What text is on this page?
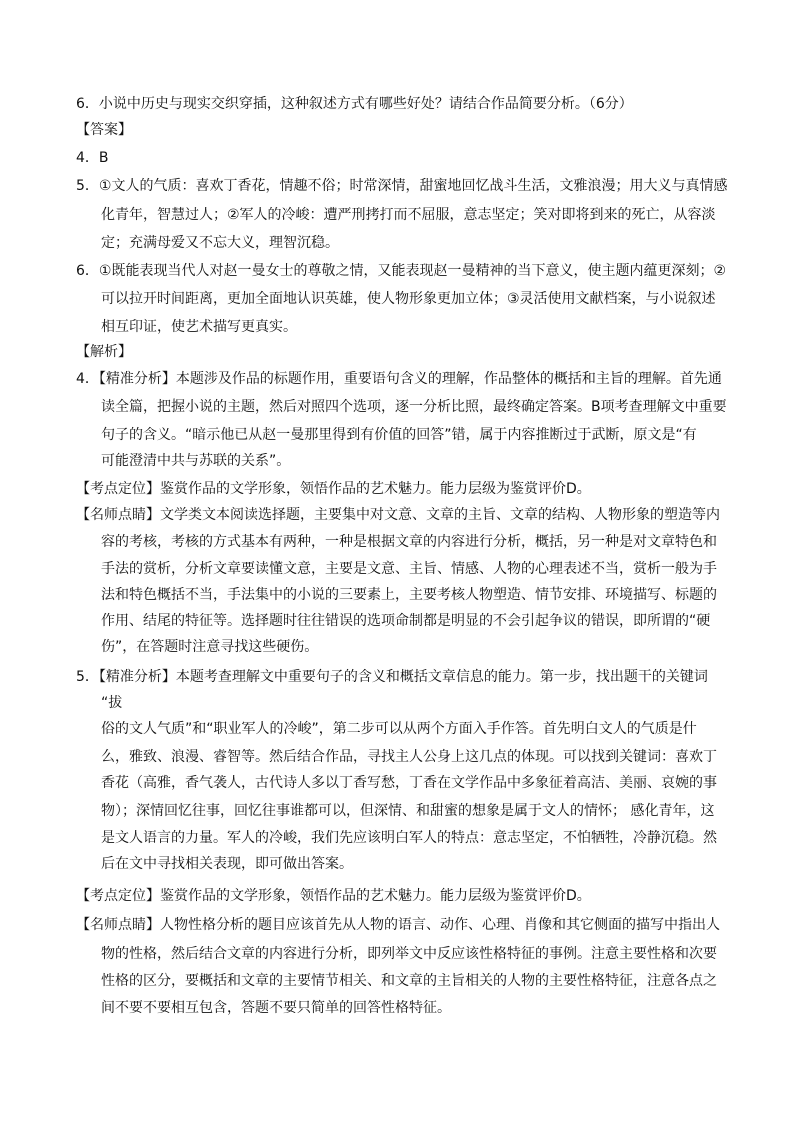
6．小说中历史与现实交织穿插，这种叙述方式有哪些好处？请结合作品简要分析。（6分）
【答案】
4．B
5．①文人的气质：喜欢丁香花，情趣不俗；时常深情，甜蜜地回忆战斗生活，文雅浪漫；用大义与真情感
化青年，智慧过人；②军人的冷峻：遭严刑拷打而不屈服，意志坚定；笑对即将到来的死亡，从容淡
定；充满母爱又不忘大义，理智沉稳。
6．①既能表现当代人对赵一曼女士的尊敬之情，又能表现赵一曼精神的当下意义，使主题内蕴更深刻；②
可以拉开时间距离，更加全面地认识英雄，使人物形象更加立体；③灵活使用文献档案，与小说叙述
相互印证，使艺术描写更真实。
【解析】
4．【精准分析】本题涉及作品的标题作用，重要语句含义的理解，作品整体的概括和主旨的理解。首先通
读全篇，把握小说的主题，然后对照四个选项，逐一分析比照，最终确定答案。B项考查理解文中重要
句子的含义。“暗示他已从赵一曼那里得到有价值的回答”错，属于内容推断过于武断，原文是“有
可能澄清中共与苏联的关系”。
【考点定位】鉴赏作品的文学形象，领悟作品的艺术魅力。能力层级为鉴赏评价D。
【名师点睛】文学类文本阅读选择题，主要集中对文意、文章的主旨、文章的结构、人物形象的塑造等内
容的考核，考核的方式基本有两种，一种是根据文章的内容进行分析，概括，另一种是对文章特色和
手法的赏析，分析文章要读懂文意，主要是文意、主旨、情感、人物的心理表述不当，赏析一般为手
法和特色概括不当，手法集中的小说的三要素上，主要考核人物塑造、情节安排、环境描写、标题的
作用、结尾的特征等。选择题时往往错误的选项命制都是明显的不会引起争议的错误，即所谓的“硬
伤”，在答题时注意寻找这些硬伤。
5．【精准分析】本题考查理解文中重要句子的含义和概括文章信息的能力。第一步，找出题干的关键词
“拔
俗的文人气质”和“职业军人的冷峻”，第二步可以从两个方面入手作答。首先明白文人的气质是什
么，雅致、浪漫、睿智等。然后结合作品，寻找主人公身上这几点的体现。可以找到关键词：喜欢丁
香花（高雅，香气袭人，古代诗人多以丁香写愁，丁香在文学作品中多象征着高洁、美丽、哀婉的事
物）；深情回忆往事，回忆往事谁都可以，但深情、和甜蜜的想象是属于文人的情怀； 感化青年，这
是文人语言的力量。军人的冷峻，我们先应该明白军人的特点：意志坚定，不怕牺牲，冷静沉稳。然
后在文中寻找相关表现，即可做出答案。
【考点定位】鉴赏作品的文学形象，领悟作品的艺术魅力。能力层级为鉴赏评价D。
【名师点睛】人物性格分析的题目应该首先从人物的语言、动作、心理、肖像和其它侧面的描写中指出人
物的性格，然后结合文章的内容进行分析，即列举文中反应该性格特征的事例。注意主要性格和次要
性格的区分，要概括和文章的主要情节相关、和文章的主旨相关的人物的主要性格特征，注意各点之
间不要不要相互包含，答题不要只简单的回答性格特征。
